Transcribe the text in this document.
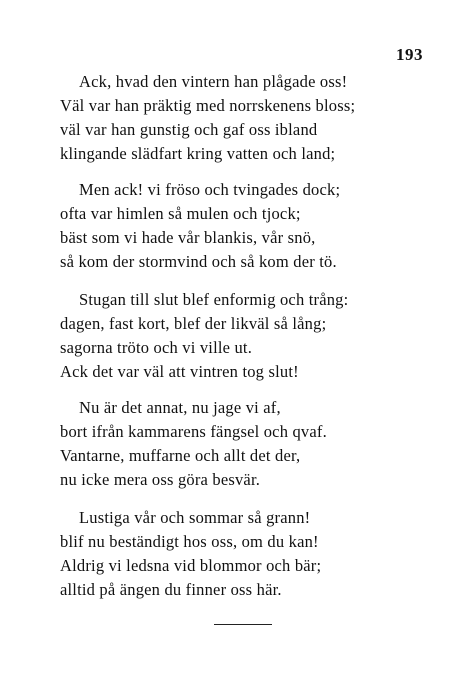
193
Ack, hvad den vintern han plågade oss!
Väl var han präktig med norrskenens bloss;
väl var han gunstig och gaf oss ibland
klingande slädfart kring vatten och land;
Men ack! vi fröso och tvingades dock;
ofta var himlen så mulen och tjock;
bäst som vi hade vår blankis, vår snö,
så kom der stormvind och så kom der tö.
Stugan till slut blef enformig och trång:
dagen, fast kort, blef der likväl så lång;
sagorna tröto och vi ville ut.
Ack det var väl att vintren tog slut!
Nu är det annat, nu jage vi af,
bort ifrån kammarens fängsel och qvaf.
Vantarne, muffarne och allt det der,
nu icke mera oss göra besvär.
Lustiga vår och sommar så grann!
blif nu beständigt hos oss, om du kan!
Aldrig vi ledsna vid blommor och bär;
alltid på ängen du finner oss här.
